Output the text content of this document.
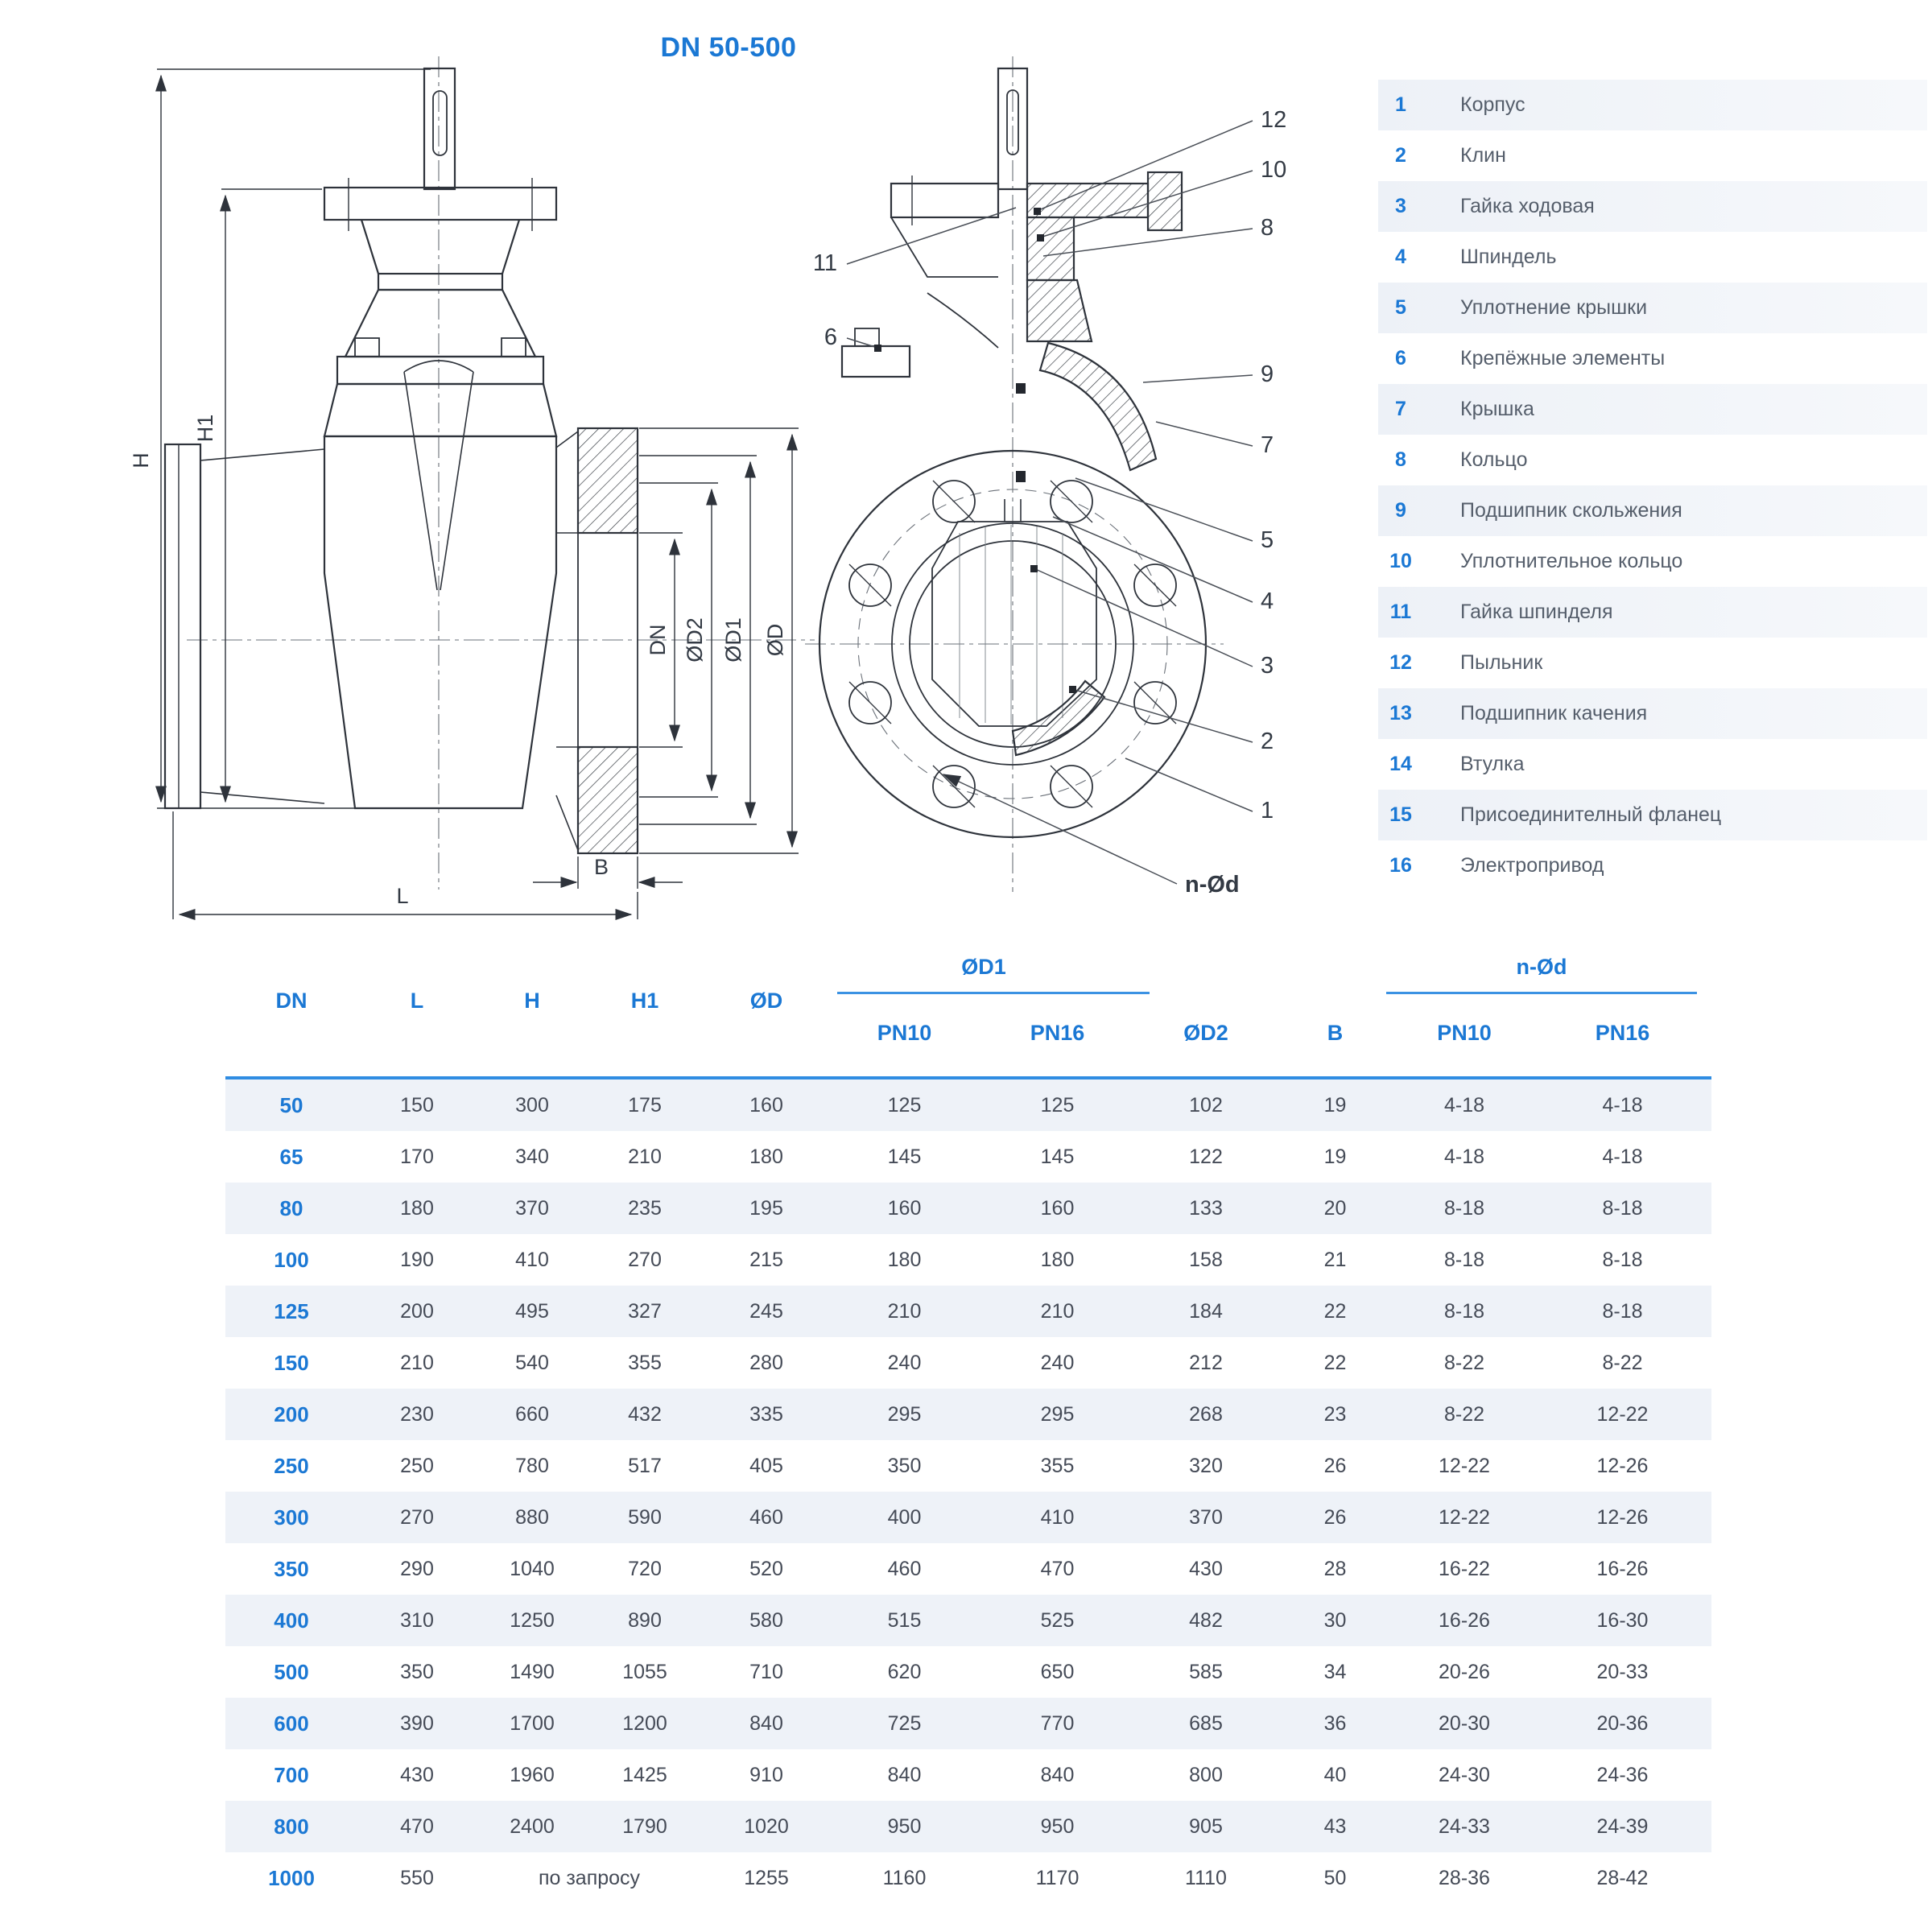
DN 50-500
H
H1
DN ØD2 ØD1 ØD
B
L
12
10
8
11
6
9
7
5
4
3
2
1
n-Ød
1	Корпус
2	Клин
3	Гайка ходовая
4	Шпиндель
5	Уплотнение крышки
6	Крепёжные элементы
7	Крышка
8	Кольцо
9	Подшипник скольжения
10	Уплотнительное кольцо
11	Гайка шпинделя
12	Пыльник
13	Подшипник качения
14	Втулка
15	Присоединителный фланец
16	Электропривод
DN	L	H	H1	ØD
ØD1
PN10	PN16	ØD2	B
n-Ød
PN10	PN16
50	150	300	175	160	125	125	102	19	4-18	4-18
65	170	340	210	180	145	145	122	19	4-18	4-18
80	180	370	235	195	160	160	133	20	8-18	8-18
100	190	410	270	215	180	180	158	21	8-18	8-18
125	200	495	327	245	210	210	184	22	8-18	8-18
150	210	540	355	280	240	240	212	22	8-22	8-22
200	230	660	432	335	295	295	268	23	8-22	12-22
250	250	780	517	405	350	355	320	26	12-22	12-26
300	270	880	590	460	400	410	370	26	12-22	12-26
350	290	1040	720	520	460	470	430	28	16-22	16-26
400	310	1250	890	580	515	525	482	30	16-26	16-30
500	350	1490	1055	710	620	650	585	34	20-26	20-33
600	390	1700	1200	840	725	770	685	36	20-30	20-36
700	430	1960	1425	910	840	840	800	40	24-30	24-36
800	470	2400	1790	1020	950	950	905	43	24-33	24-39
1000	550	по запросу	1255	1160	1170	1110	50	28-36	28-42
